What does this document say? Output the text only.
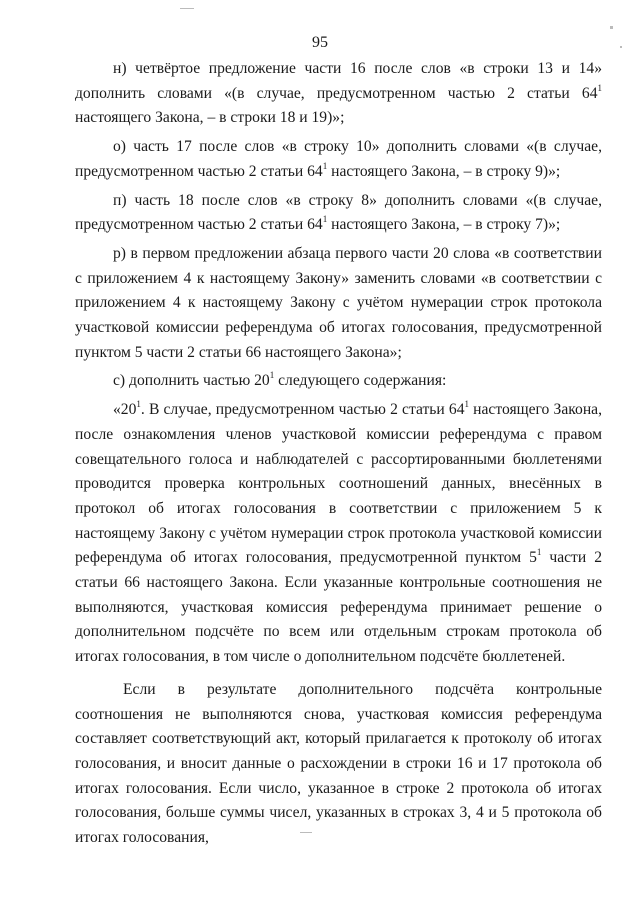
95

н) четвёртое предложение части 16 после слов «в строки 13 и 14» дополнить словами «(в случае, предусмотренном частью 2 статьи $64^1$ настоящего Закона, – в строки 18 и 19)»;

о) часть 17 после слов «в строку 10» дополнить словами «(в случае, предусмотренном частью 2 статьи $64^1$ настоящего Закона, – в строку 9)»;

п) часть 18 после слов «в строку 8» дополнить словами «(в случае, предусмотренном частью 2 статьи $64^1$ настоящего Закона, – в строку 7)»;

р) в первом предложении абзаца первого части 20 слова «в соответствии с приложением 4 к настоящему Закону» заменить словами «в соответствии с приложением 4 к настоящему Закону с учётом нумерации строк протокола участковой комиссии референдума об итогах голосования, предусмотренной пунктом 5 части 2 статьи 66 настоящего Закона»;

с) дополнить частью $20^1$ следующего содержания:

«$20^1$. В случае, предусмотренном частью 2 статьи $64^1$ настоящего Закона, после ознакомления членов участковой комиссии референдума с правом совещательного голоса и наблюдателей с рассортированными бюллетенями проводится проверка контрольных соотношений данных, внесённых в протокол об итогах голосования в соответствии с приложением 5 к настоящему Закону с учётом нумерации строк протокола участковой комиссии референдума об итогах голосования, предусмотренной пунктом $5^1$ части 2 статьи 66 настоящего Закона. Если указанные контрольные соотношения не выполняются, участковая комиссия референдума принимает решение о дополнительном подсчёте по всем или отдельным строкам протокола об итогах голосования, в том числе о дополнительном подсчёте бюллетеней.

Если в результате дополнительного подсчёта контрольные соотношения не выполняются снова, участковая комиссия референдума составляет соответствующий акт, который прилагается к протоколу об итогах голосования, и вносит данные о расхождении в строки 16 и 17 протокола об итогах голосования. Если число, указанное в строке 2 протокола об итогах голосования, больше суммы чисел, указанных в строках 3, 4 и 5 протокола об итогах голосования,
